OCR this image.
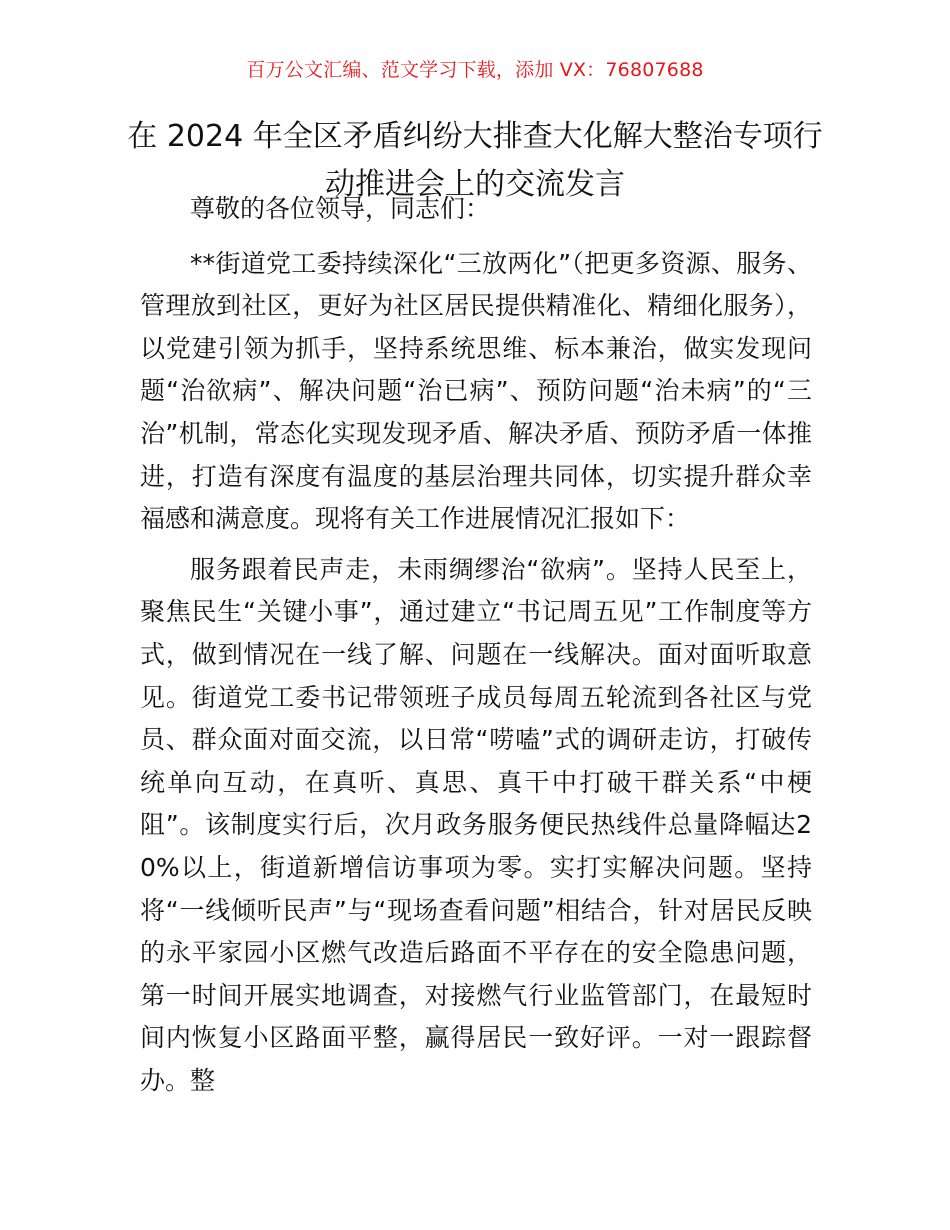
百万公文汇编、范文学习下载，添加 VX：76807688
在 2024 年全区矛盾纠纷大排查大化解大整治专项行动推进会上的交流发言

尊敬的各位领导，同志们：

**街道党工委持续深化“三放两化”（把更多资源、服务、管理放到社区，更好为社区居民提供精准化、精细化服务），以党建引领为抓手，坚持系统思维、标本兼治，做实发现问题“治欲病”、解决问题“治已病”、预防问题“治未病”的“三治”机制，常态化实现发现矛盾、解决矛盾、预防矛盾一体推进，打造有深度有温度的基层治理共同体，切实提升群众幸福感和满意度。现将有关工作进展情况汇报如下：

服务跟着民声走，未雨绸缪治“欲病”。坚持人民至上，聚焦民生“关键小事”，通过建立“书记周五见”工作制度等方式，做到情况在一线了解、问题在一线解决。面对面听取意见。街道党工委书记带领班子成员每周五轮流到各社区与党员、群众面对面交流，以日常“唠嗑”式的调研走访，打破传统单向互动，在真听、真思、真干中打破干群关系“中梗阻”。该制度实行后，次月政务服务便民热线件总量降幅达20%以上，街道新增信访事项为零。实打实解决问题。坚持将“一线倾听民声”与“现场查看问题”相结合，针对居民反映的永平家园小区燃气改造后路面不平存在的安全隐患问题，第一时间开展实地调查，对接燃气行业监管部门，在最短时间内恢复小区路面平整，赢得居民一致好评。一对一跟踪督办。整
